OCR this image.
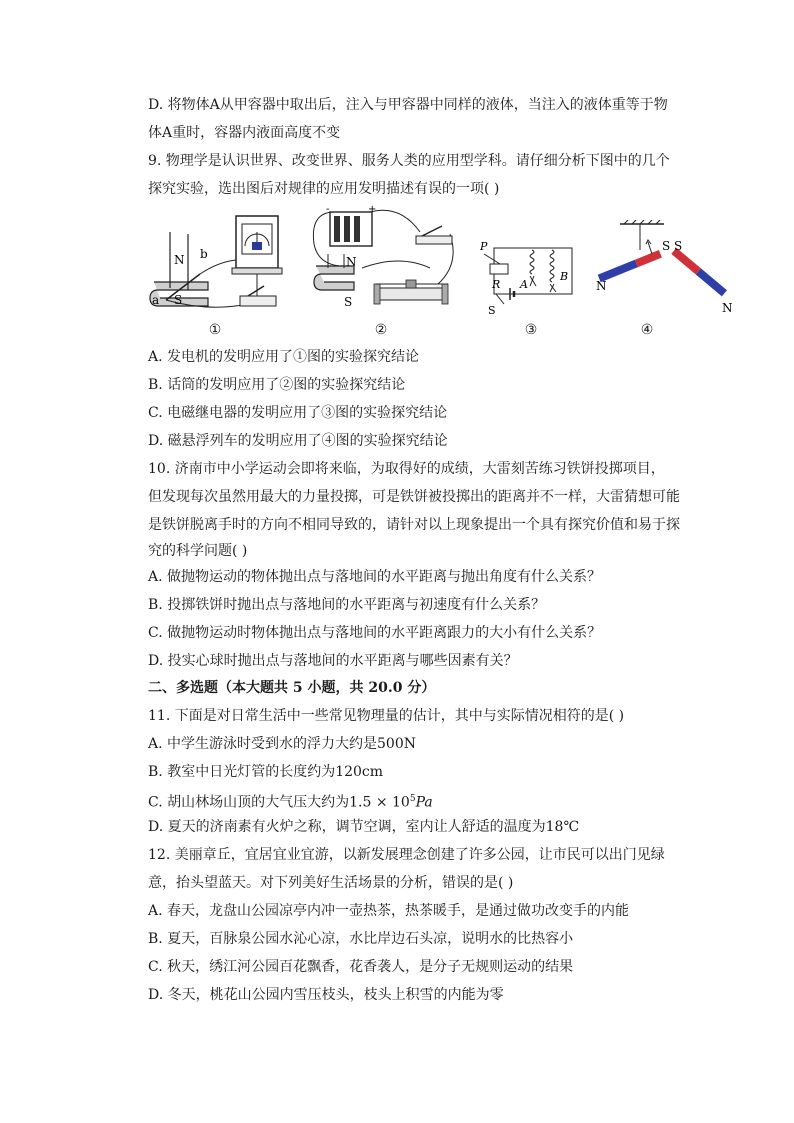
D. 将物体A从甲容器中取出后，注入与甲容器中同样的液体，当注入的液体重等于物
体A重时，容器内液面高度不变
9. 物理学是认识世界、改变世界、服务人类的应用型学科。请仔细分析下图中的几个
探究实验，选出图后对规律的应用发明描述有误的一项( )
N b
a S
①
-	+
N
S
②
P
R A
B
S
③
N
S S
N
④
A. 发电机的发明应用了①图的实验探究结论
B. 话筒的发明应用了②图的实验探究结论
C. 电磁继电器的发明应用了③图的实验探究结论
D. 磁悬浮列车的发明应用了④图的实验探究结论
10. 济南市中小学运动会即将来临，为取得好的成绩，大雷刻苦练习铁饼投掷项目，
但发现每次虽然用最大的力量投掷，可是铁饼被投掷出的距离并不一样，大雷猜想可能
是铁饼脱离手时的方向不相同导致的，请针对以上现象提出一个具有探究价值和易于探
究的科学问题( )
A. 做抛物运动的物体抛出点与落地间的水平距离与抛出角度有什么关系？
B. 投掷铁饼时抛出点与落地间的水平距离与初速度有什么关系？
C. 做抛物运动时物体抛出点与落地间的水平距离跟力的大小有什么关系？
D. 投实心球时抛出点与落地间的水平距离与哪些因素有关？
二、多选题（本大题共 5 小题，共 20.0 分）
11. 下面是对日常生活中一些常见物理量的估计，其中与实际情况相符的是( )
A. 中学生游泳时受到水的浮力大约是500N
B. 教室中日光灯管的长度约为120cm
C. 胡山林场山顶的大气压大约为$1.5 \times 10^5Pa$
D. 夏天的济南素有火炉之称，调节空调，室内让人舒适的温度为18℃
12. 美丽章丘，宜居宜业宜游，以新发展理念创建了许多公园，让市民可以出门见绿
意，抬头望蓝天。对下列美好生活场景的分析，错误的是( )
A. 春天，龙盘山公园凉亭内冲一壶热茶，热茶暖手，是通过做功改变手的内能
B. 夏天，百脉泉公园水沁心凉，水比岸边石头凉，说明水的比热容小
C. 秋天，绣江河公园百花飘香，花香袭人，是分子无规则运动的结果
D. 冬天，桃花山公园内雪压枝头，枝头上积雪的内能为零
